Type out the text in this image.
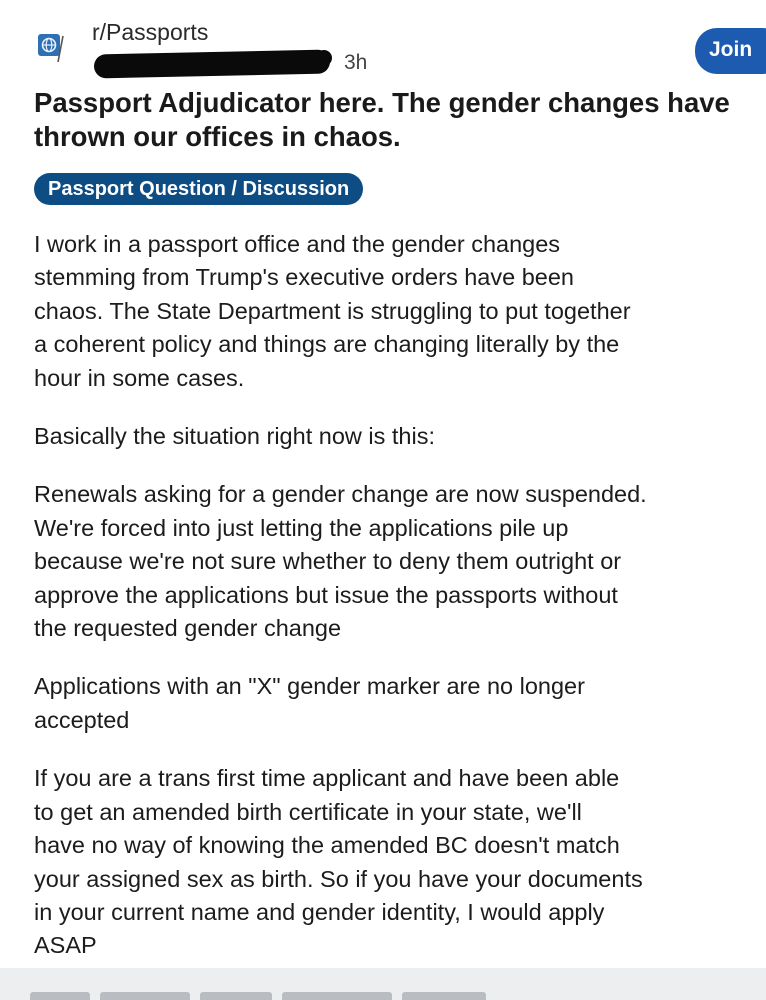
r/Passports
3h
Join
Passport Adjudicator here. The gender changes have thrown our offices in chaos.
Passport Question / Discussion

I work in a passport office and the gender changes
stemming from Trump's executive orders have been
chaos. The State Department is struggling to put together
a coherent policy and things are changing literally by the
hour in some cases.

Basically the situation right now is this:

Renewals asking for a gender change are now suspended.
We're forced into just letting the applications pile up
because we're not sure whether to deny them outright or
approve the applications but issue the passports without
the requested gender change

Applications with an "X" gender marker are no longer
accepted

If you are a trans first time applicant and have been able
to get an amended birth certificate in your state, we'll
have no way of knowing the amended BC doesn't match
your assigned sex as birth. So if you have your documents
in your current name and gender identity, I would apply
ASAP
